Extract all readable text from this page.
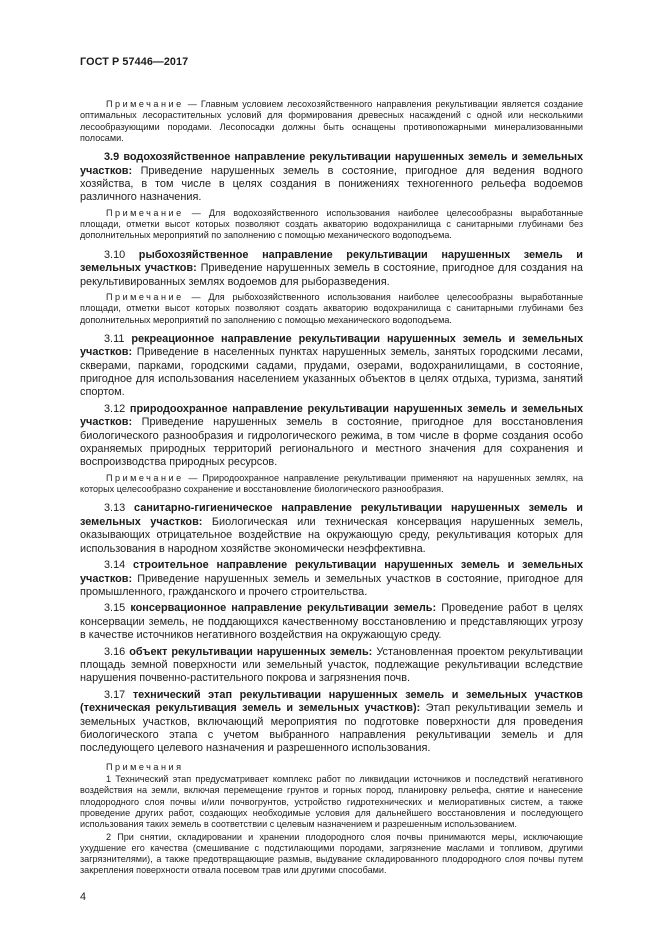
ГОСТ Р 57446—2017

Примечание — Главным условием лесохозяйственного направления рекультивации является создание оптимальных лесорастительных условий для формирования древесных насаждений с одной или несколькими лесообразующими породами. Лесопосадки должны быть оснащены противопожарными минерализованными полосами.

3.9 водохозяйственное направление рекультивации нарушенных земель и земельных участков: Приведение нарушенных земель в состояние, пригодное для ведения водного хозяйства, в том числе в целях создания в понижениях техногенного рельефа водоемов различного назначения.

Примечание — Для водохозяйственного использования наиболее целесообразны выработанные площади, отметки высот которых позволяют создать акваторию водохранилища с санитарными глубинами без дополнительных мероприятий по заполнению с помощью механического водоподъема.

3.10 рыбохозяйственное направление рекультивации нарушенных земель и земельных участков: Приведение нарушенных земель в состояние, пригодное для создания на рекультивированных землях водоемов для рыборазведения.

Примечание — Для рыбохозяйственного использования наиболее целесообразны выработанные площади, отметки высот которых позволяют создать акваторию водохранилища с санитарными глубинами без дополнительных мероприятий по заполнению с помощью механического водоподъема.

3.11 рекреационное направление рекультивации нарушенных земель и земельных участков: Приведение в населенных пунктах нарушенных земель, занятых городскими лесами, скверами, парками, городскими садами, прудами, озерами, водохранилищами, в состояние, пригодное для использования населением указанных объектов в целях отдыха, туризма, занятий спортом.

3.12 природоохранное направление рекультивации нарушенных земель и земельных участков: Приведение нарушенных земель в состояние, пригодное для восстановления биологического разнообразия и гидрологического режима, в том числе в форме создания особо охраняемых природных территорий регионального и местного значения для сохранения и воспроизводства природных ресурсов.

Примечание — Природоохранное направление рекультивации применяют на нарушенных землях, на которых целесообразно сохранение и восстановление биологического разнообразия.

3.13 санитарно-гигиеническое направление рекультивации нарушенных земель и земельных участков: Биологическая или техническая консервация нарушенных земель, оказывающих отрицательное воздействие на окружающую среду, рекультивация которых для использования в народном хозяйстве экономически неэффективна.

3.14 строительное направление рекультивации нарушенных земель и земельных участков: Приведение нарушенных земель и земельных участков в состояние, пригодное для промышленного, гражданского и прочего строительства.

3.15 консервационное направление рекультивации земель: Проведение работ в целях консервации земель, не поддающихся качественному восстановлению и представляющих угрозу в качестве источников негативного воздействия на окружающую среду.

3.16 объект рекультивации нарушенных земель: Установленная проектом рекультивации площадь земной поверхности или земельный участок, подлежащие рекультивации вследствие нарушения почвенно-растительного покрова и загрязнения почв.

3.17 технический этап рекультивации нарушенных земель и земельных участков (техническая рекультивация земель и земельных участков): Этап рекультивации земель и земельных участков, включающий мероприятия по подготовке поверхности для проведения биологического этапа с учетом выбранного направления рекультивации земель и для последующего целевого назначения и разрешенного использования.

Примечания

1 Технический этап предусматривает комплекс работ по ликвидации источников и последствий негативного воздействия на земли, включая перемещение грунтов и горных пород, планировку рельефа, снятие и нанесение плодородного слоя почвы и/или почвогрунтов, устройство гидротехнических и мелиоративных систем, а также проведение других работ, создающих необходимые условия для дальнейшего восстановления и последующего использования таких земель в соответствии с целевым назначением и разрешенным использованием.

2 При снятии, складировании и хранении плодородного слоя почвы принимаются меры, исключающие ухудшение его качества (смешивание с подстилающими породами, загрязнение маслами и топливом, другими загрязнителями), а также предотвращающие размыв, выдувание складированного плодородного слоя почвы путем закрепления поверхности отвала посевом трав или другими способами.

4
